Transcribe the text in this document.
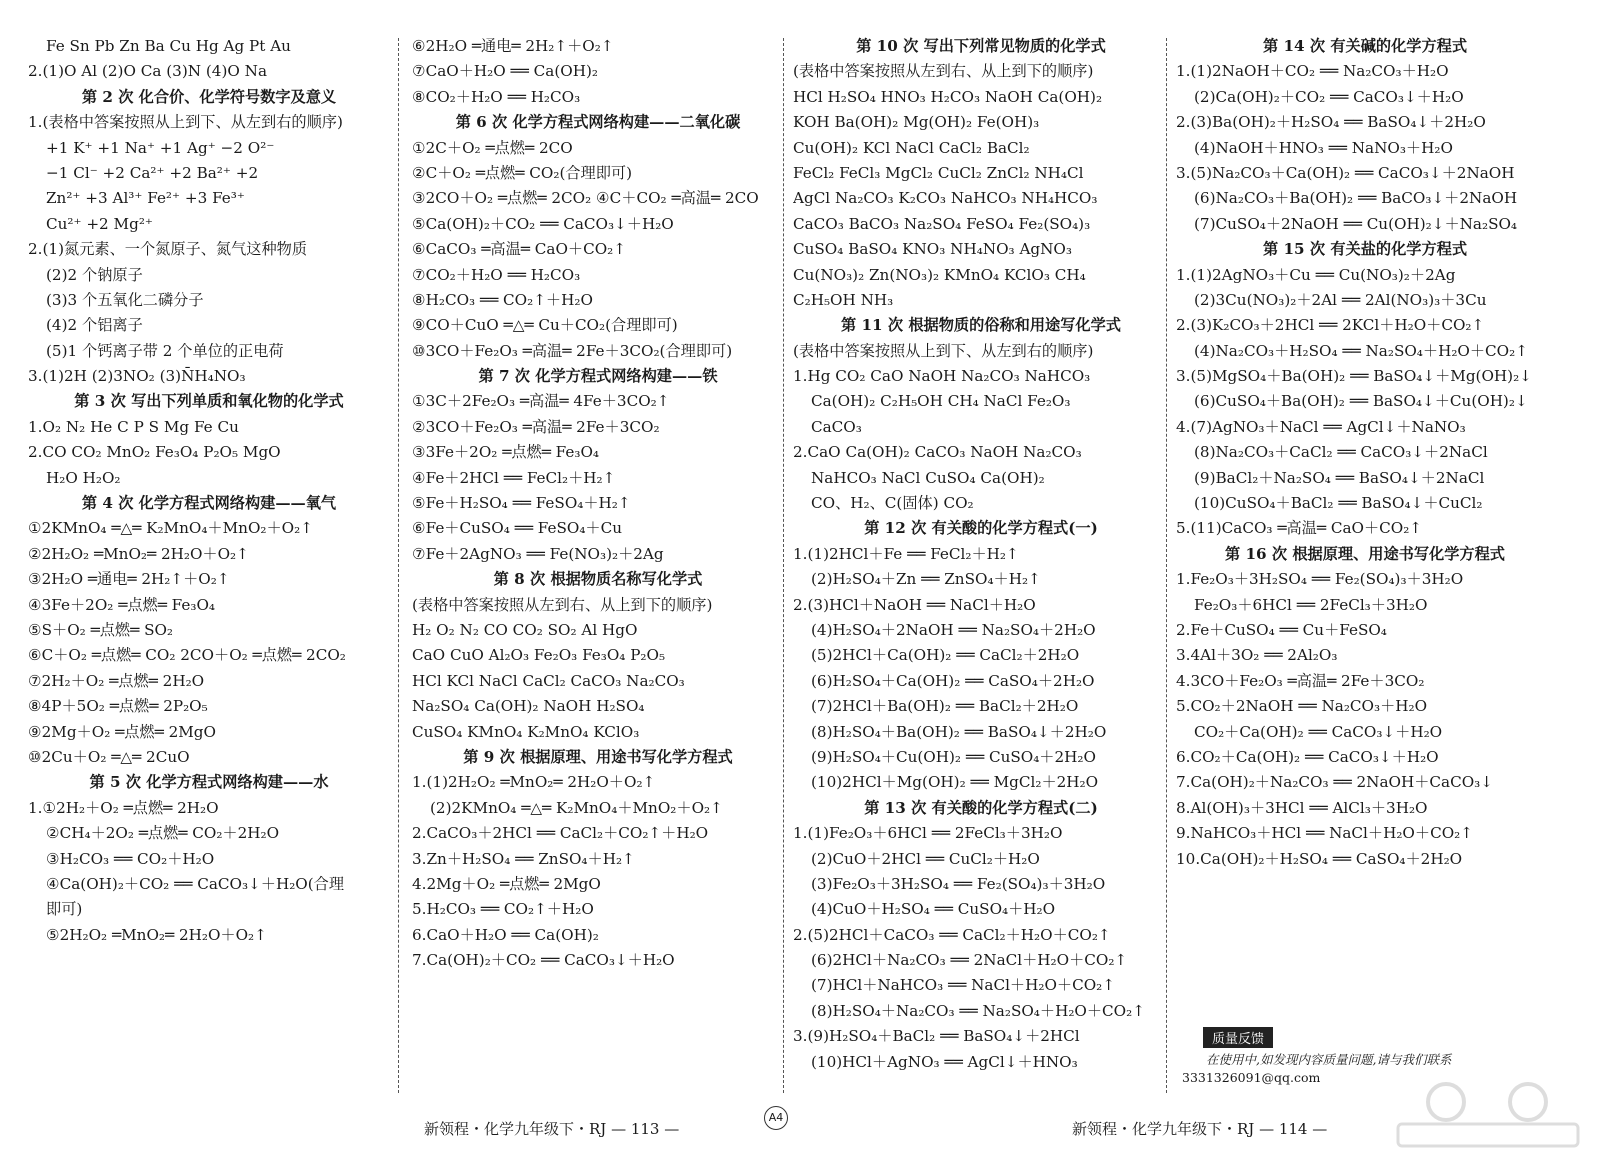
Fe Sn Pb Zn Ba Cu Hg Ag Pt Au
2.(1)O Al (2)O Ca (3)N (4)O Na
第 2 次 化合价、化学符号数字及意义
1.(表格中答案按照从上到下、从左到右的顺序)
+1 K⁺ +1 Na⁺ +1 Ag⁺ −2 O²⁻
−1 Cl⁻ +2 Ca²⁺ +2 Ba²⁺ +2
Zn²⁺ +3 Al³⁺ Fe²⁺ +3 Fe³⁺
Cu²⁺ +2 Mg²⁺
2.(1)氮元素、一个氮原子、氮气这种物质
(2)2 个钠原子
(3)3 个五氧化二磷分子
(4)2 个铝离子
(5)1 个钙离子带 2 个单位的正电荷
3.(1)2H (2)3NO₂ (3)N̄H₄NO₃
第 3 次 写出下列单质和氧化物的化学式
1.O₂ N₂ He C P S Mg Fe Cu
2.CO CO₂ MnO₂ Fe₃O₄ P₂O₅ MgO
H₂O H₂O₂
第 4 次 化学方程式网络构建——氧气
①2KMnO₄ ═△═ K₂MnO₄＋MnO₂＋O₂↑
②2H₂O₂ ═MnO₂═ 2H₂O＋O₂↑
③2H₂O ═通电═ 2H₂↑＋O₂↑
④3Fe＋2O₂ ═点燃═ Fe₃O₄
⑤S＋O₂ ═点燃═ SO₂
⑥C＋O₂ ═点燃═ CO₂ 2CO＋O₂ ═点燃═ 2CO₂
⑦2H₂＋O₂ ═点燃═ 2H₂O
⑧4P＋5O₂ ═点燃═ 2P₂O₅
⑨2Mg＋O₂ ═点燃═ 2MgO
⑩2Cu＋O₂ ═△═ 2CuO
第 5 次 化学方程式网络构建——水
1.①2H₂＋O₂ ═点燃═ 2H₂O
②CH₄＋2O₂ ═点燃═ CO₂＋2H₂O
③H₂CO₃ ══ CO₂＋H₂O
④Ca(OH)₂＋CO₂ ══ CaCO₃↓＋H₂O(合理
即可)
⑤2H₂O₂ ═MnO₂═ 2H₂O＋O₂↑
⑥2H₂O ═通电═ 2H₂↑＋O₂↑
⑦CaO＋H₂O ══ Ca(OH)₂
⑧CO₂＋H₂O ══ H₂CO₃
第 6 次 化学方程式网络构建——二氧化碳
①2C＋O₂ ═点燃═ 2CO
②C＋O₂ ═点燃═ CO₂(合理即可)
③2CO＋O₂ ═点燃═ 2CO₂ ④C＋CO₂ ═高温═ 2CO
⑤Ca(OH)₂＋CO₂ ══ CaCO₃↓＋H₂O
⑥CaCO₃ ═高温═ CaO＋CO₂↑
⑦CO₂＋H₂O ══ H₂CO₃
⑧H₂CO₃ ══ CO₂↑＋H₂O
⑨CO＋CuO ═△═ Cu＋CO₂(合理即可)
⑩3CO＋Fe₂O₃ ═高温═ 2Fe＋3CO₂(合理即可)
第 7 次 化学方程式网络构建——铁
①3C＋2Fe₂O₃ ═高温═ 4Fe＋3CO₂↑
②3CO＋Fe₂O₃ ═高温═ 2Fe＋3CO₂
③3Fe＋2O₂ ═点燃═ Fe₃O₄
④Fe＋2HCl ══ FeCl₂＋H₂↑
⑤Fe＋H₂SO₄ ══ FeSO₄＋H₂↑
⑥Fe＋CuSO₄ ══ FeSO₄＋Cu
⑦Fe＋2AgNO₃ ══ Fe(NO₃)₂＋2Ag
第 8 次 根据物质名称写化学式
(表格中答案按照从左到右、从上到下的顺序)
H₂ O₂ N₂ CO CO₂ SO₂ Al HgO
CaO CuO Al₂O₃ Fe₂O₃ Fe₃O₄ P₂O₅
HCl KCl NaCl CaCl₂ CaCO₃ Na₂CO₃
Na₂SO₄ Ca(OH)₂ NaOH H₂SO₄
CuSO₄ KMnO₄ K₂MnO₄ KClO₃
第 9 次 根据原理、用途书写化学方程式
1.(1)2H₂O₂ ═MnO₂═ 2H₂O＋O₂↑
(2)2KMnO₄ ═△═ K₂MnO₄＋MnO₂＋O₂↑
2.CaCO₃＋2HCl ══ CaCl₂＋CO₂↑＋H₂O
3.Zn＋H₂SO₄ ══ ZnSO₄＋H₂↑
4.2Mg＋O₂ ═点燃═ 2MgO
5.H₂CO₃ ══ CO₂↑＋H₂O
6.CaO＋H₂O ══ Ca(OH)₂
7.Ca(OH)₂＋CO₂ ══ CaCO₃↓＋H₂O
第 10 次 写出下列常见物质的化学式
(表格中答案按照从左到右、从上到下的顺序)
HCl H₂SO₄ HNO₃ H₂CO₃ NaOH Ca(OH)₂
KOH Ba(OH)₂ Mg(OH)₂ Fe(OH)₃
Cu(OH)₂ KCl NaCl CaCl₂ BaCl₂
FeCl₂ FeCl₃ MgCl₂ CuCl₂ ZnCl₂ NH₄Cl
AgCl Na₂CO₃ K₂CO₃ NaHCO₃ NH₄HCO₃
CaCO₃ BaCO₃ Na₂SO₄ FeSO₄ Fe₂(SO₄)₃
CuSO₄ BaSO₄ KNO₃ NH₄NO₃ AgNO₃
Cu(NO₃)₂ Zn(NO₃)₂ KMnO₄ KClO₃ CH₄
C₂H₅OH NH₃
第 11 次 根据物质的俗称和用途写化学式
(表格中答案按照从上到下、从左到右的顺序)
1.Hg CO₂ CaO NaOH Na₂CO₃ NaHCO₃
Ca(OH)₂ C₂H₅OH CH₄ NaCl Fe₂O₃
CaCO₃
2.CaO Ca(OH)₂ CaCO₃ NaOH Na₂CO₃
NaHCO₃ NaCl CuSO₄ Ca(OH)₂
CO、H₂、C(固体) CO₂
第 12 次 有关酸的化学方程式(一)
1.(1)2HCl＋Fe ══ FeCl₂＋H₂↑
(2)H₂SO₄＋Zn ══ ZnSO₄＋H₂↑
2.(3)HCl＋NaOH ══ NaCl＋H₂O
(4)H₂SO₄＋2NaOH ══ Na₂SO₄＋2H₂O
(5)2HCl＋Ca(OH)₂ ══ CaCl₂＋2H₂O
(6)H₂SO₄＋Ca(OH)₂ ══ CaSO₄＋2H₂O
(7)2HCl＋Ba(OH)₂ ══ BaCl₂＋2H₂O
(8)H₂SO₄＋Ba(OH)₂ ══ BaSO₄↓＋2H₂O
(9)H₂SO₄＋Cu(OH)₂ ══ CuSO₄＋2H₂O
(10)2HCl＋Mg(OH)₂ ══ MgCl₂＋2H₂O
第 13 次 有关酸的化学方程式(二)
1.(1)Fe₂O₃＋6HCl ══ 2FeCl₃＋3H₂O
(2)CuO＋2HCl ══ CuCl₂＋H₂O
(3)Fe₂O₃＋3H₂SO₄ ══ Fe₂(SO₄)₃＋3H₂O
(4)CuO＋H₂SO₄ ══ CuSO₄＋H₂O
2.(5)2HCl＋CaCO₃ ══ CaCl₂＋H₂O＋CO₂↑
(6)2HCl＋Na₂CO₃ ══ 2NaCl＋H₂O＋CO₂↑
(7)HCl＋NaHCO₃ ══ NaCl＋H₂O＋CO₂↑
(8)H₂SO₄＋Na₂CO₃ ══ Na₂SO₄＋H₂O＋CO₂↑
3.(9)H₂SO₄＋BaCl₂ ══ BaSO₄↓＋2HCl
(10)HCl＋AgNO₃ ══ AgCl↓＋HNO₃
第 14 次 有关碱的化学方程式
1.(1)2NaOH＋CO₂ ══ Na₂CO₃＋H₂O
(2)Ca(OH)₂＋CO₂ ══ CaCO₃↓＋H₂O
2.(3)Ba(OH)₂＋H₂SO₄ ══ BaSO₄↓＋2H₂O
(4)NaOH＋HNO₃ ══ NaNO₃＋H₂O
3.(5)Na₂CO₃＋Ca(OH)₂ ══ CaCO₃↓＋2NaOH
(6)Na₂CO₃＋Ba(OH)₂ ══ BaCO₃↓＋2NaOH
(7)CuSO₄＋2NaOH ══ Cu(OH)₂↓＋Na₂SO₄
第 15 次 有关盐的化学方程式
1.(1)2AgNO₃＋Cu ══ Cu(NO₃)₂＋2Ag
(2)3Cu(NO₃)₂＋2Al ══ 2Al(NO₃)₃＋3Cu
2.(3)K₂CO₃＋2HCl ══ 2KCl＋H₂O＋CO₂↑
(4)Na₂CO₃＋H₂SO₄ ══ Na₂SO₄＋H₂O＋CO₂↑
3.(5)MgSO₄＋Ba(OH)₂ ══ BaSO₄↓＋Mg(OH)₂↓
(6)CuSO₄＋Ba(OH)₂ ══ BaSO₄↓＋Cu(OH)₂↓
4.(7)AgNO₃＋NaCl ══ AgCl↓＋NaNO₃
(8)Na₂CO₃＋CaCl₂ ══ CaCO₃↓＋2NaCl
(9)BaCl₂＋Na₂SO₄ ══ BaSO₄↓＋2NaCl
(10)CuSO₄＋BaCl₂ ══ BaSO₄↓＋CuCl₂
5.(11)CaCO₃ ═高温═ CaO＋CO₂↑
第 16 次 根据原理、用途书写化学方程式
1.Fe₂O₃＋3H₂SO₄ ══ Fe₂(SO₄)₃＋3H₂O
Fe₂O₃＋6HCl ══ 2FeCl₃＋3H₂O
2.Fe＋CuSO₄ ══ Cu＋FeSO₄
3.4Al＋3O₂ ══ 2Al₂O₃
4.3CO＋Fe₂O₃ ═高温═ 2Fe＋3CO₂
5.CO₂＋2NaOH ══ Na₂CO₃＋H₂O
CO₂＋Ca(OH)₂ ══ CaCO₃↓＋H₂O
6.CO₂＋Ca(OH)₂ ══ CaCO₃↓＋H₂O
7.Ca(OH)₂＋Na₂CO₃ ══ 2NaOH＋CaCO₃↓
8.Al(OH)₃＋3HCl ══ AlCl₃＋3H₂O
9.NaHCO₃＋HCl ══ NaCl＋H₂O＋CO₂↑
10.Ca(OH)₂＋H₂SO₄ ══ CaSO₄＋2H₂O
质量反馈
在使用中,如发现内容质量问题,请与我们联系
3331326091@qq.com
新领程・化学九年级下・RJ — 113 —
A4
新领程・化学九年级下・RJ — 114 —
